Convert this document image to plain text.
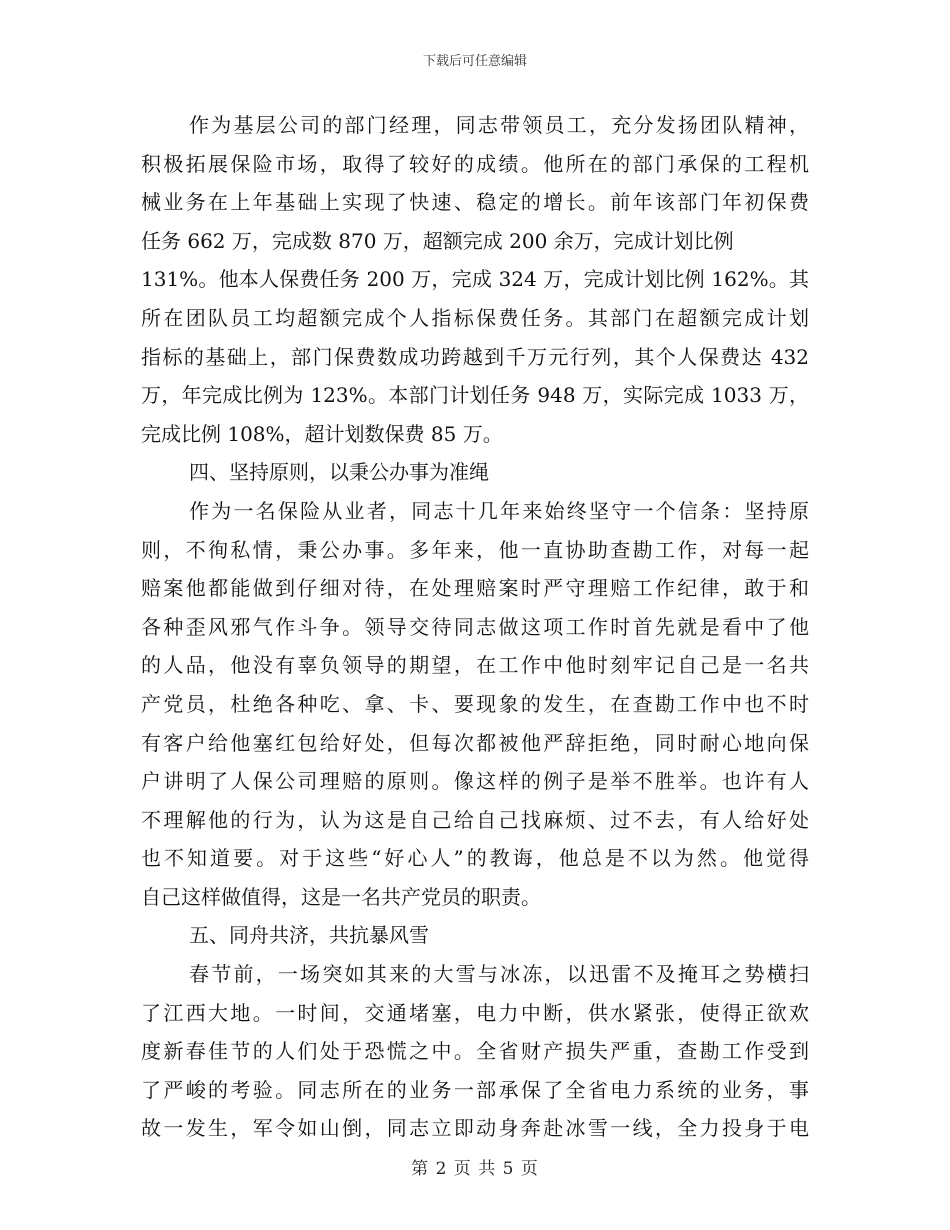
下载后可任意编辑
作为基层公司的部门经理，同志带领员工，充分发扬团队精神，
积极拓展保险市场，取得了较好的成绩。他所在的部门承保的工程机
械业务在上年基础上实现了快速、稳定的增长。前年该部门年初保费
任务 662 万，完成数 870 万，超额完成 200 余万，完成计划比例
131%。他本人保费任务 200 万，完成 324 万，完成计划比例 162%。其
所在团队员工均超额完成个人指标保费任务。其部门在超额完成计划
指标的基础上，部门保费数成功跨越到千万元行列，其个人保费达 432
万，年完成比例为 123%。本部门计划任务 948 万，实际完成 1033 万，
完成比例 108%，超计划数保费 85 万。
四、坚持原则，以秉公办事为准绳
作为一名保险从业者，同志十几年来始终坚守一个信条：坚持原
则，不徇私情，秉公办事。多年来，他一直协助查勘工作，对每一起
赔案他都能做到仔细对待，在处理赔案时严守理赔工作纪律，敢于和
各种歪风邪气作斗争。领导交待同志做这项工作时首先就是看中了他
的人品，他没有辜负领导的期望，在工作中他时刻牢记自己是一名共
产党员，杜绝各种吃、拿、卡、要现象的发生，在查勘工作中也不时
有客户给他塞红包给好处，但每次都被他严辞拒绝，同时耐心地向保
户讲明了人保公司理赔的原则。像这样的例子是举不胜举。也许有人
不理解他的行为，认为这是自己给自己找麻烦、过不去，有人给好处
也不知道要。对于这些“好心人”的教诲，他总是不以为然。他觉得
自己这样做值得，这是一名共产党员的职责。
五、同舟共济，共抗暴风雪
春节前，一场突如其来的大雪与冰冻，以迅雷不及掩耳之势横扫
了江西大地。一时间，交通堵塞，电力中断，供水紧张，使得正欲欢
度新春佳节的人们处于恐慌之中。全省财产损失严重，查勘工作受到
了严峻的考验。同志所在的业务一部承保了全省电力系统的业务，事
故一发生，军令如山倒，同志立即动身奔赴冰雪一线，全力投身于电
第 2 页 共 5 页
